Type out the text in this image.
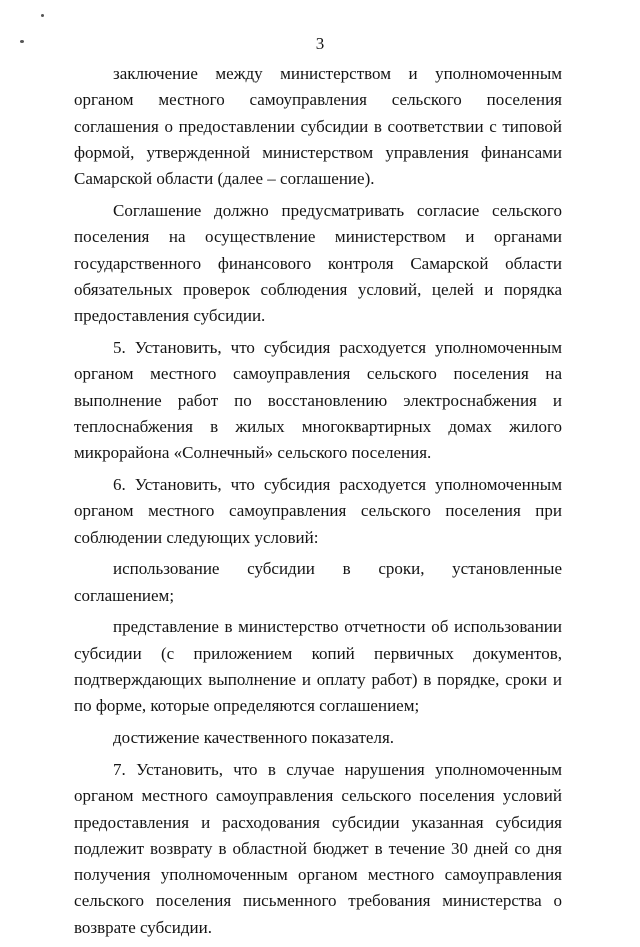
3

заключение между министерством и уполномоченным органом местного самоуправления сельского поселения соглашения о предоставлении субсидии в соответствии с типовой формой, утвержденной министерством управления финансами Самарской области (далее – соглашение).

Соглашение должно предусматривать согласие сельского поселения на осуществление министерством и органами государственного финансового контроля Самарской области обязательных проверок соблюдения условий, целей и порядка предоставления субсидии.

5. Установить, что субсидия расходуется уполномоченным органом местного самоуправления сельского поселения на выполнение работ по восстановлению электроснабжения и теплоснабжения в жилых многоквартирных домах жилого микрорайона «Солнечный» сельского поселения.

6. Установить, что субсидия расходуется уполномоченным органом местного самоуправления сельского поселения при соблюдении следующих условий:

использование субсидии в сроки, установленные соглашением;

представление в министерство отчетности об использовании субсидии (с приложением копий первичных документов, подтверждающих выполнение и оплату работ) в порядке, сроки и по форме, которые определяются соглашением;

достижение качественного показателя.

7. Установить, что в случае нарушения уполномоченным органом местного самоуправления сельского поселения условий предоставления и расходования субсидии указанная субсидия подлежит возврату в областной бюджет в течение 30 дней со дня получения уполномоченным органом местного самоуправления сельского поселения письменного требования министерства о возврате субсидии.
